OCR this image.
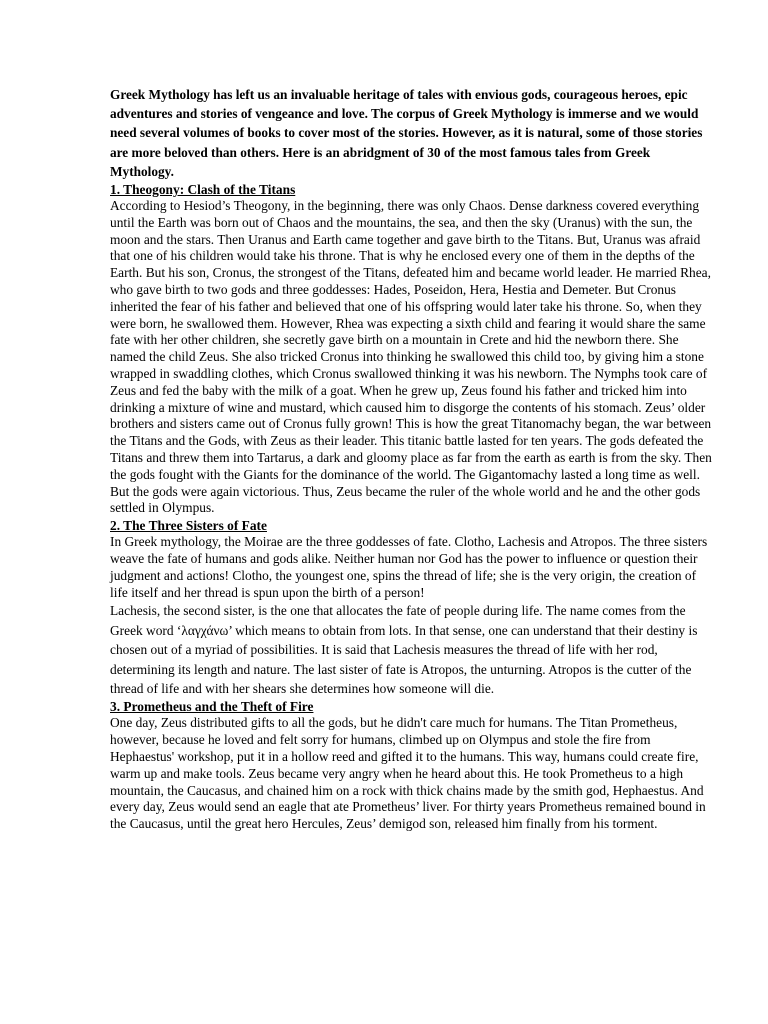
Greek Mythology has left us an invaluable heritage of tales with envious gods, courageous heroes, epic adventures and stories of vengeance and love. The corpus of Greek Mythology is immerse and we would need several volumes of books to cover most of the stories. However, as it is natural, some of those stories are more beloved than others. Here is an abridgment of 30 of the most famous tales from Greek Mythology.

1. Theogony: Clash of the Titans

According to Hesiod’s Theogony, in the beginning, there was only Chaos. Dense darkness covered everything until the Earth was born out of Chaos and the mountains, the sea, and then the sky (Uranus) with the sun, the moon and the stars. Then Uranus and Earth came together and gave birth to the Titans. But, Uranus was afraid that one of his children would take his throne. That is why he enclosed every one of them in the depths of the Earth. But his son, Cronus, the strongest of the Titans, defeated him and became world leader. He married Rhea, who gave birth to two gods and three goddesses: Hades, Poseidon, Hera, Hestia and Demeter. But Cronus inherited the fear of his father and believed that one of his offspring would later take his throne. So, when they were born, he swallowed them. However, Rhea was expecting a sixth child and fearing it would share the same fate with her other children, she secretly gave birth on a mountain in Crete and hid the newborn there. She named the child Zeus. She also tricked Cronus into thinking he swallowed this child too, by giving him a stone wrapped in swaddling clothes, which Cronus swallowed thinking it was his newborn. The Nymphs took care of Zeus and fed the baby with the milk of a goat. When he grew up, Zeus found his father and tricked him into drinking a mixture of wine and mustard, which caused him to disgorge the contents of his stomach. Zeus’ older brothers and sisters came out of Cronus fully grown! This is how the great Titanomachy began, the war between the Titans and the Gods, with Zeus as their leader. This titanic battle lasted for ten years. The gods defeated the Titans and threw them into Tartarus, a dark and gloomy place as far from the earth as earth is from the sky. Then the gods fought with the Giants for the dominance of the world. The Gigantomachy lasted a long time as well. But the gods were again victorious. Thus, Zeus became the ruler of the whole world and he and the other gods settled in Olympus.

2. The Three Sisters of Fate

In Greek mythology, the Moirae are the three goddesses of fate. Clotho, Lachesis and Atropos. The three sisters weave the fate of humans and gods alike. Neither human nor God has the power to influence or question their judgment and actions! Clotho, the youngest one, spins the thread of life; she is the very origin, the creation of life itself and her thread is spun upon the birth of a person!

Lachesis, the second sister, is the one that allocates the fate of people during life. The name comes from the Greek word ‘λαγχάνω’ which means to obtain from lots. In that sense, one can understand that their destiny is chosen out of a myriad of possibilities. It is said that Lachesis measures the thread of life with her rod, determining its length and nature. The last sister of fate is Atropos, the unturning. Atropos is the cutter of the thread of life and with her shears she determines how someone will die.

3. Prometheus and the Theft of Fire

One day, Zeus distributed gifts to all the gods, but he didn't care much for humans. The Titan Prometheus, however, because he loved and felt sorry for humans, climbed up on Olympus and stole the fire from Hephaestus' workshop, put it in a hollow reed and gifted it to the humans. This way, humans could create fire, warm up and make tools. Zeus became very angry when he heard about this. He took Prometheus to a high mountain, the Caucasus, and chained him on a rock with thick chains made by the smith god, Hephaestus. And every day, Zeus would send an eagle that ate Prometheus’ liver. For thirty years Prometheus remained bound in the Caucasus, until the great hero Hercules, Zeus’ demigod son, released him finally from his torment.
